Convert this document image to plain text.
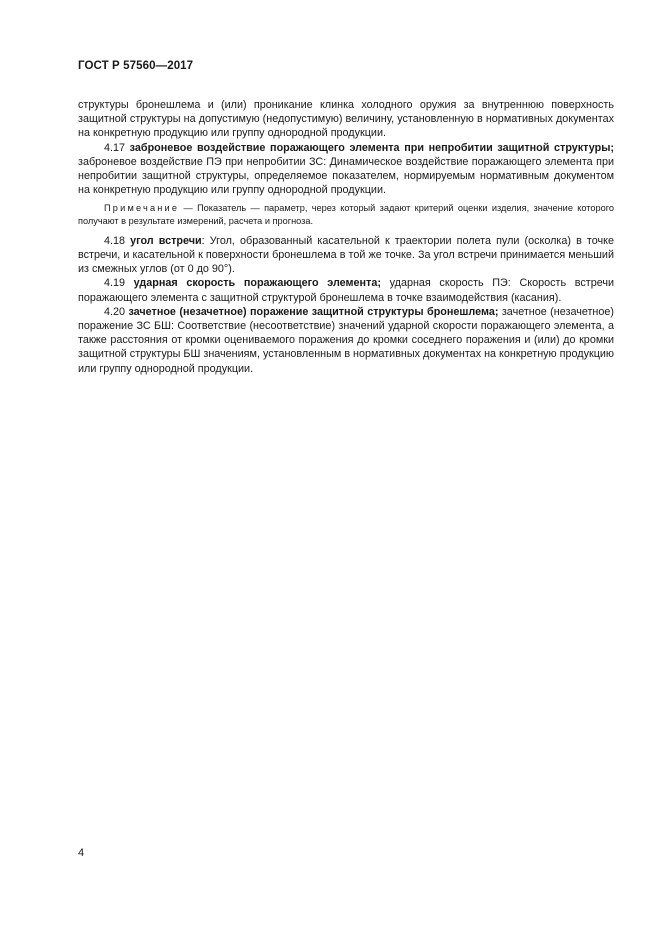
ГОСТ Р 57560—2017

структуры бронешлема и (или) проникание клинка холодного оружия за внутреннюю поверхность защитной структуры на допустимую (недопустимую) величину, установленную в нормативных документах на конкретную продукцию или группу однородной продукции.

4.17 заброневое воздействие поражающего элемента при непробитии защитной структуры; заброневое воздействие ПЭ при непробитии ЗС: Динамическое воздействие поражающего элемента при непробитии защитной структуры, определяемое показателем, нормируемым нормативным документом на конкретную продукцию или группу однородной продукции.

Примечание — Показатель — параметр, через который задают критерий оценки изделия, значение которого получают в результате измерений, расчета и прогноза.

4.18 угол встречи: Угол, образованный касательной к траектории полета пули (осколка) в точке встречи, и касательной к поверхности бронешлема в той же точке. За угол встречи принимается меньший из смежных углов (от 0 до 90°).

4.19 ударная скорость поражающего элемента; ударная скорость ПЭ: Скорость встречи поражающего элемента с защитной структурой бронешлема в точке взаимодействия (касания).

4.20 зачетное (незачетное) поражение защитной структуры бронешлема; зачетное (незачетное) поражение ЗС БШ: Соответствие (несоответствие) значений ударной скорости поражающего элемента, а также расстояния от кромки оцениваемого поражения до кромки соседнего поражения и (или) до кромки защитной структуры БШ значениям, установленным в нормативных документах на конкретную продукцию или группу однородной продукции.

4
